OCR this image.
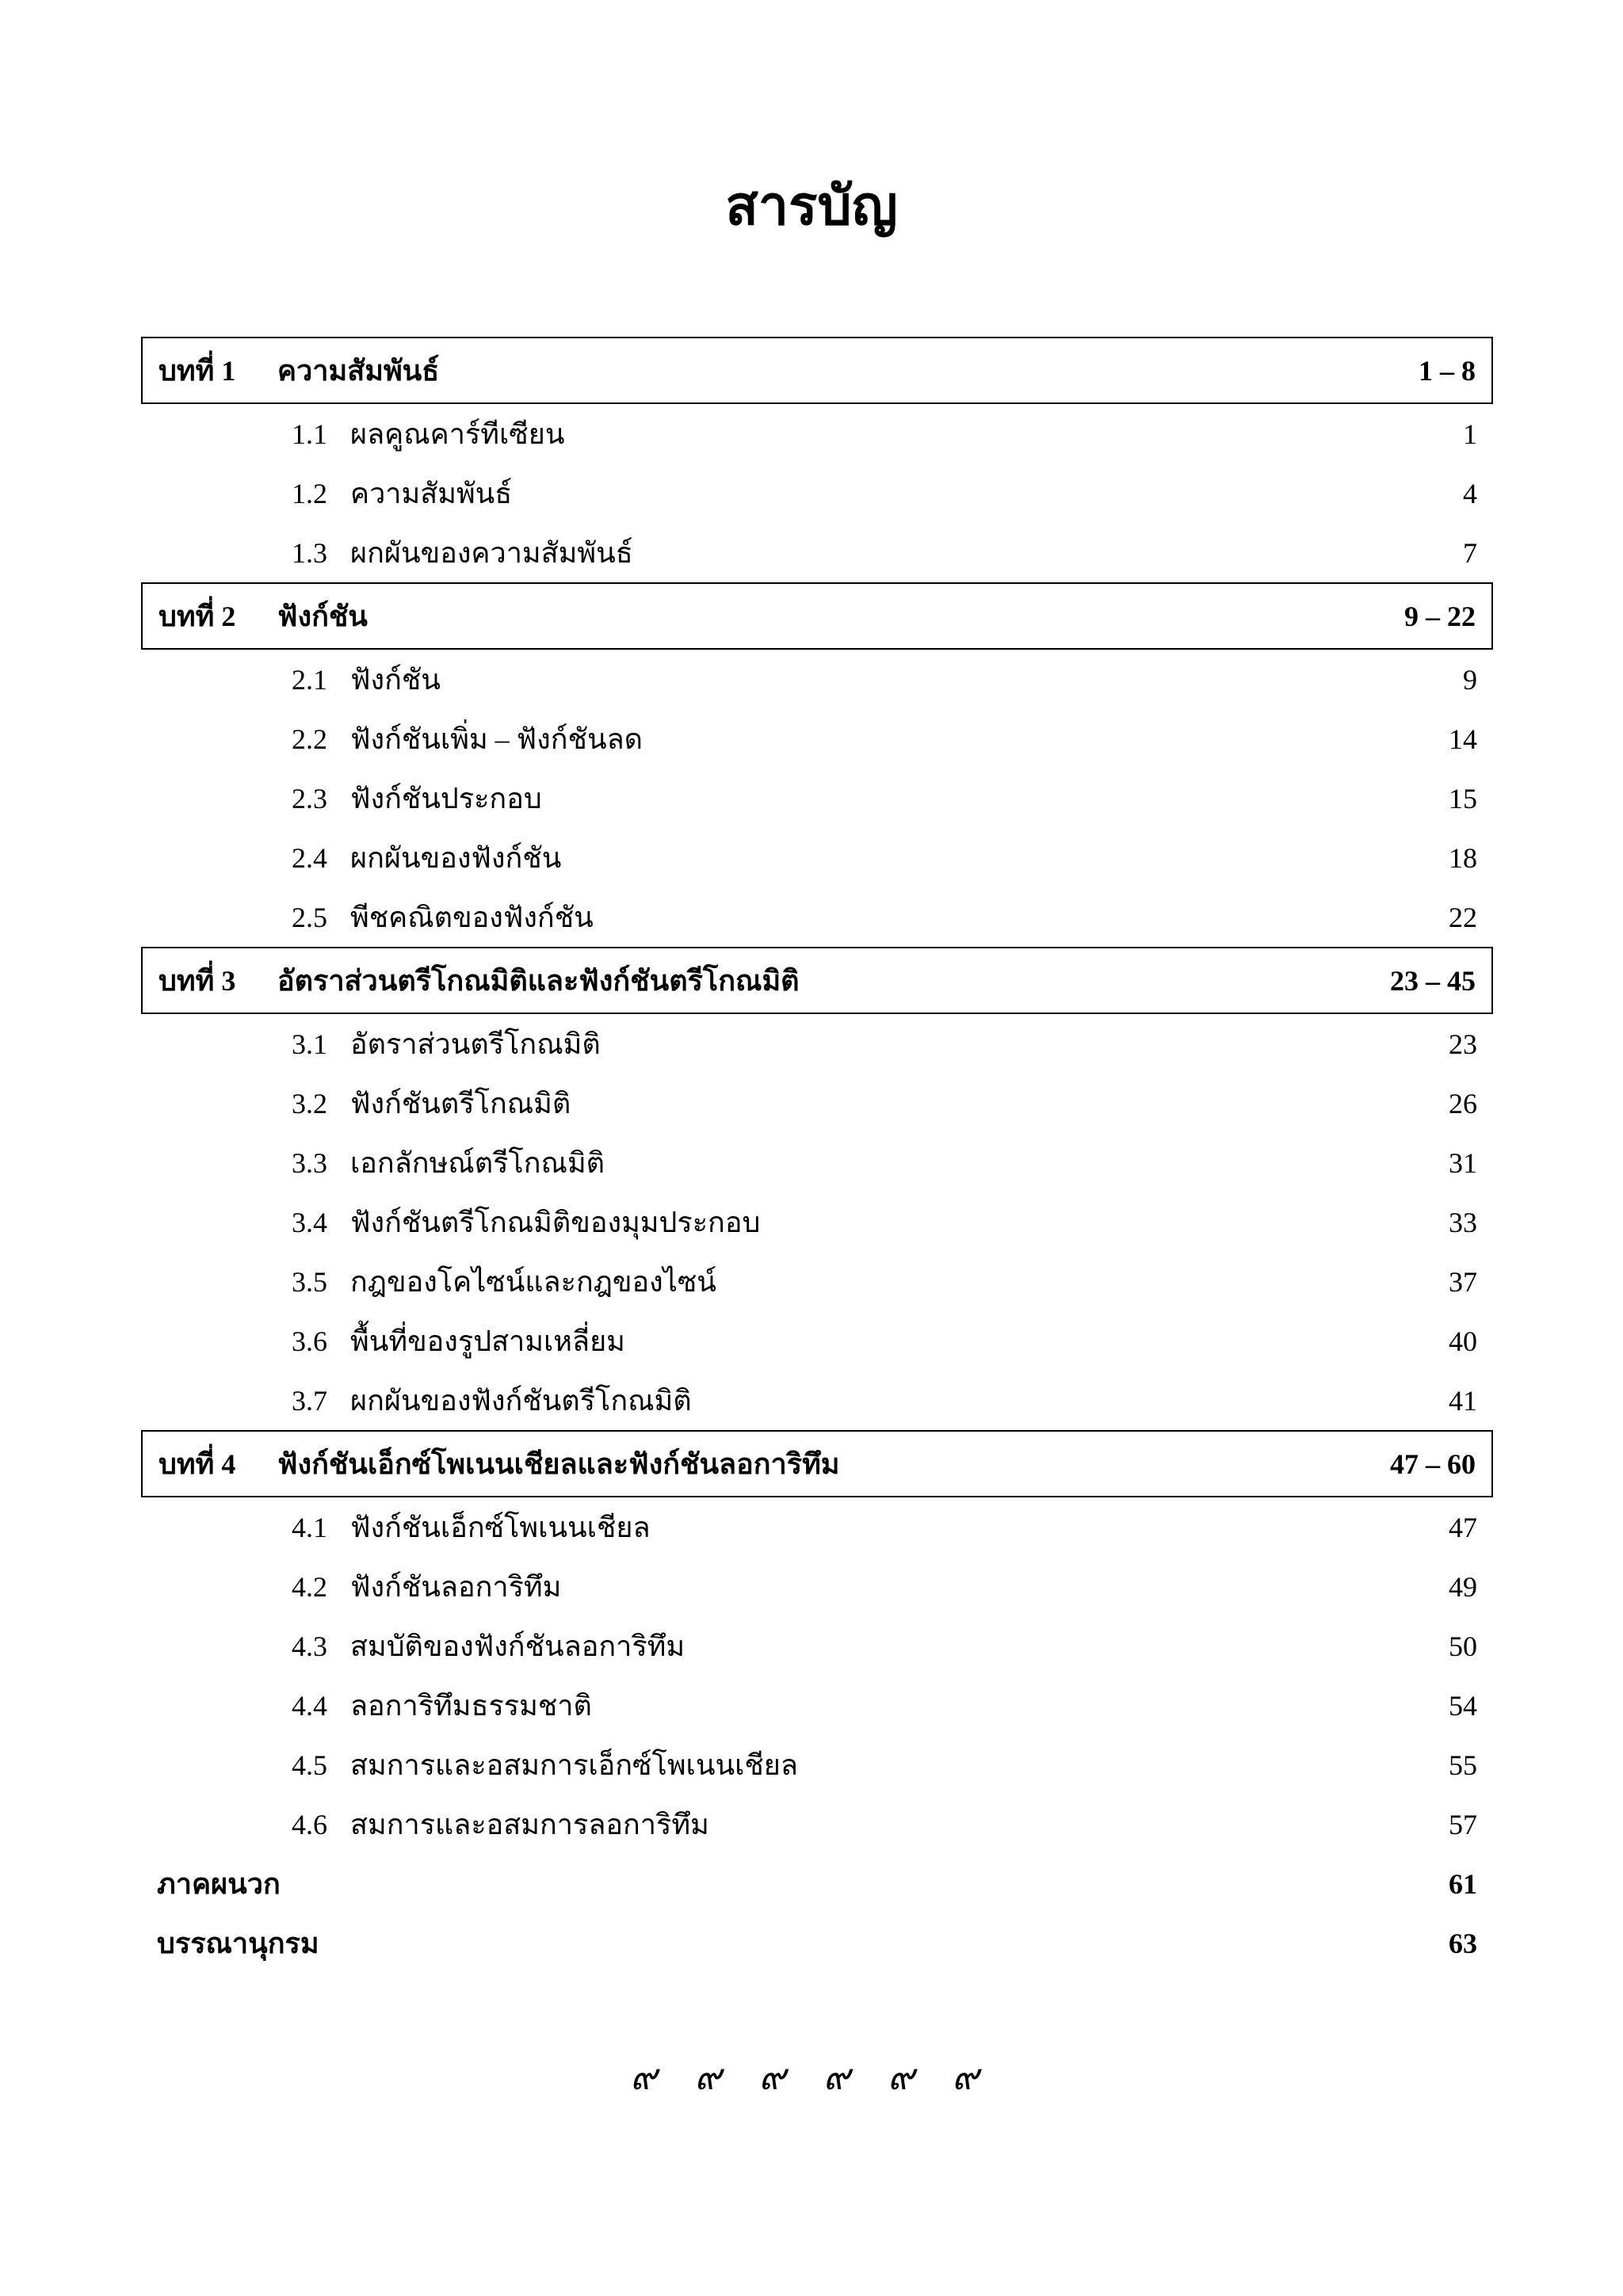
สารบัญ
บทที่ 1	ความสัมพันธ์	1 – 8
1.1 ผลคูณคาร์ทีเซียน	1
1.2 ความสัมพันธ์	4
1.3 ผกผันของความสัมพันธ์	7
บทที่ 2	ฟังก์ชัน	9 – 22
2.1 ฟังก์ชัน	9
2.2 ฟังก์ชันเพิ่ม – ฟังก์ชันลด	14
2.3 ฟังก์ชันประกอบ	15
2.4 ผกผันของฟังก์ชัน	18
2.5 พีชคณิตของฟังก์ชัน	22
บทที่ 3	อัตราส่วนตรีโกณมิติและฟังก์ชันตรีโกณมิติ	23 – 45
3.1 อัตราส่วนตรีโกณมิติ	23
3.2 ฟังก์ชันตรีโกณมิติ	26
3.3 เอกลักษณ์ตรีโกณมิติ	31
3.4 ฟังก์ชันตรีโกณมิติของมุมประกอบ	33
3.5 กฎของโคไซน์และกฎของไซน์	37
3.6 พื้นที่ของรูปสามเหลี่ยม	40
3.7 ผกผันของฟังก์ชันตรีโกณมิติ	41
บทที่ 4	ฟังก์ชันเอ็กซ์โพเนนเชียลและฟังก์ชันลอการิทึม	47 – 60
4.1 ฟังก์ชันเอ็กซ์โพเนนเชียล	47
4.2 ฟังก์ชันลอการิทึม	49
4.3 สมบัติของฟังก์ชันลอการิทึม	50
4.4 ลอการิทึมธรรมชาติ	54
4.5 สมการและอสมการเอ็กซ์โพเนนเชียล	55
4.6 สมการและอสมการลอการิทึม	57
ภาคผนวก	61
บรรณานุกรม	63
๙ ๙ ๙ ๙ ๙ ๙
